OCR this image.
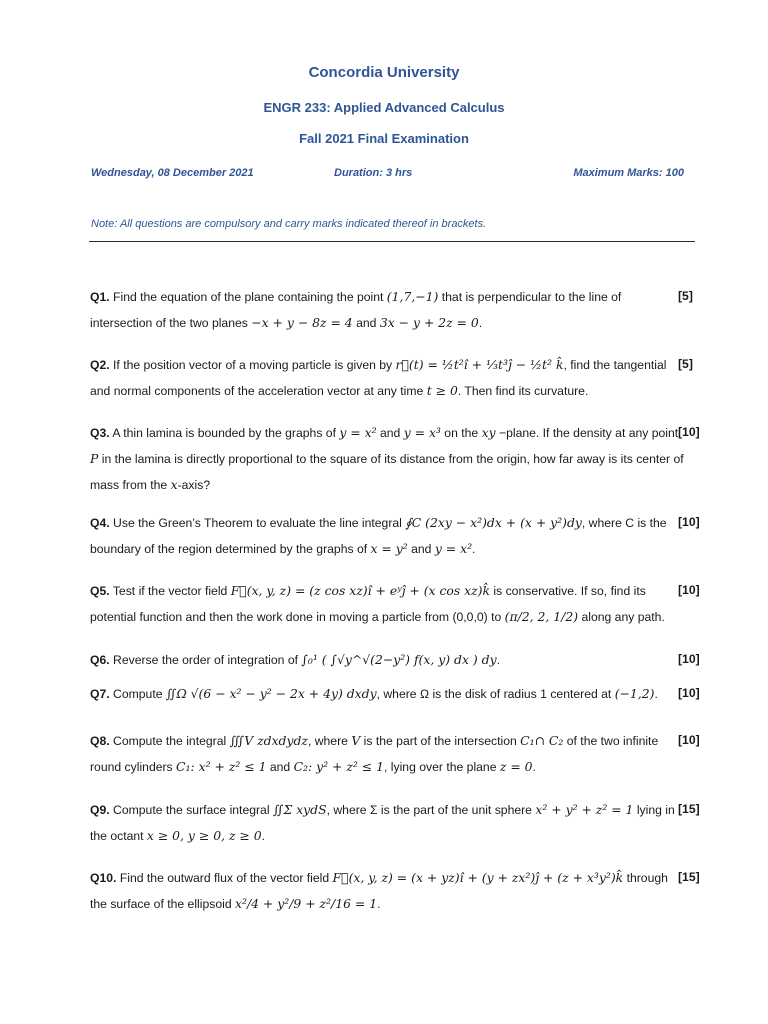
Concordia University
ENGR 233: Applied Advanced Calculus
Fall 2021 Final Examination
Wednesday, 08 December 2021	Duration: 3 hrs	Maximum Marks: 100
Note: All questions are compulsory and carry marks indicated thereof in brackets.
Q1. Find the equation of the plane containing the point (1,7,−1) that is perpendicular to the line of intersection of the two planes −x + y − 8z = 4 and 3x − y + 2z = 0.
[5]
Q2. If the position vector of a moving particle is given by r⃗(t) = ½t²î + ⅓t³ĵ − ½t² k̂, find the tangential and normal components of the acceleration vector at any time t ≥ 0. Then find its curvature.
[5]
Q3. A thin lamina is bounded by the graphs of y = x² and y = x³ on the xy −plane. If the density at any point P in the lamina is directly proportional to the square of its distance from the origin, how far away is its center of mass from the x-axis?
[10]
Q4. Use the Green’s Theorem to evaluate the line integral ∮C (2xy − x²)dx + (x + y²)dy, where C is the boundary of the region determined by the graphs of x = y² and y = x².
[10]
Q5. Test if the vector field F⃗(x, y, z) = (z cos xz)î + eʸĵ + (x cos xz)k̂ is conservative. If so, find its potential function and then the work done in moving a particle from (0,0,0) to (π/2, 2, 1/2) along any path.
[10]
Q6. Reverse the order of integration of ∫₀¹ ( ∫√y^√(2−y²) f(x, y) dx ) dy.	[10]
Q7. Compute ∬Ω √(6 − x² − y² − 2x + 4y) dxdy, where Ω is the disk of radius 1 centered at (−1,2).	[10]
Q8. Compute the integral ∭V zdxdydz, where V is the part of the intersection C₁∩ C₂ of the two infinite round cylinders C₁: x² + z² ≤ 1 and C₂: y² + z² ≤ 1, lying over the plane z = 0.
[10]
Q9. Compute the surface integral ∬Σ xydS, where Σ is the part of the unit sphere x² + y² + z² = 1 lying in the octant x ≥ 0, y ≥ 0, z ≥ 0.
[15]
Q10. Find the outward flux of the vector field F⃗(x, y, z) = (x + yz)î + (y + zx²)ĵ + (z + x³y²)k̂ through the surface of the ellipsoid x²/4 + y²/9 + z²/16 = 1.
[15]
